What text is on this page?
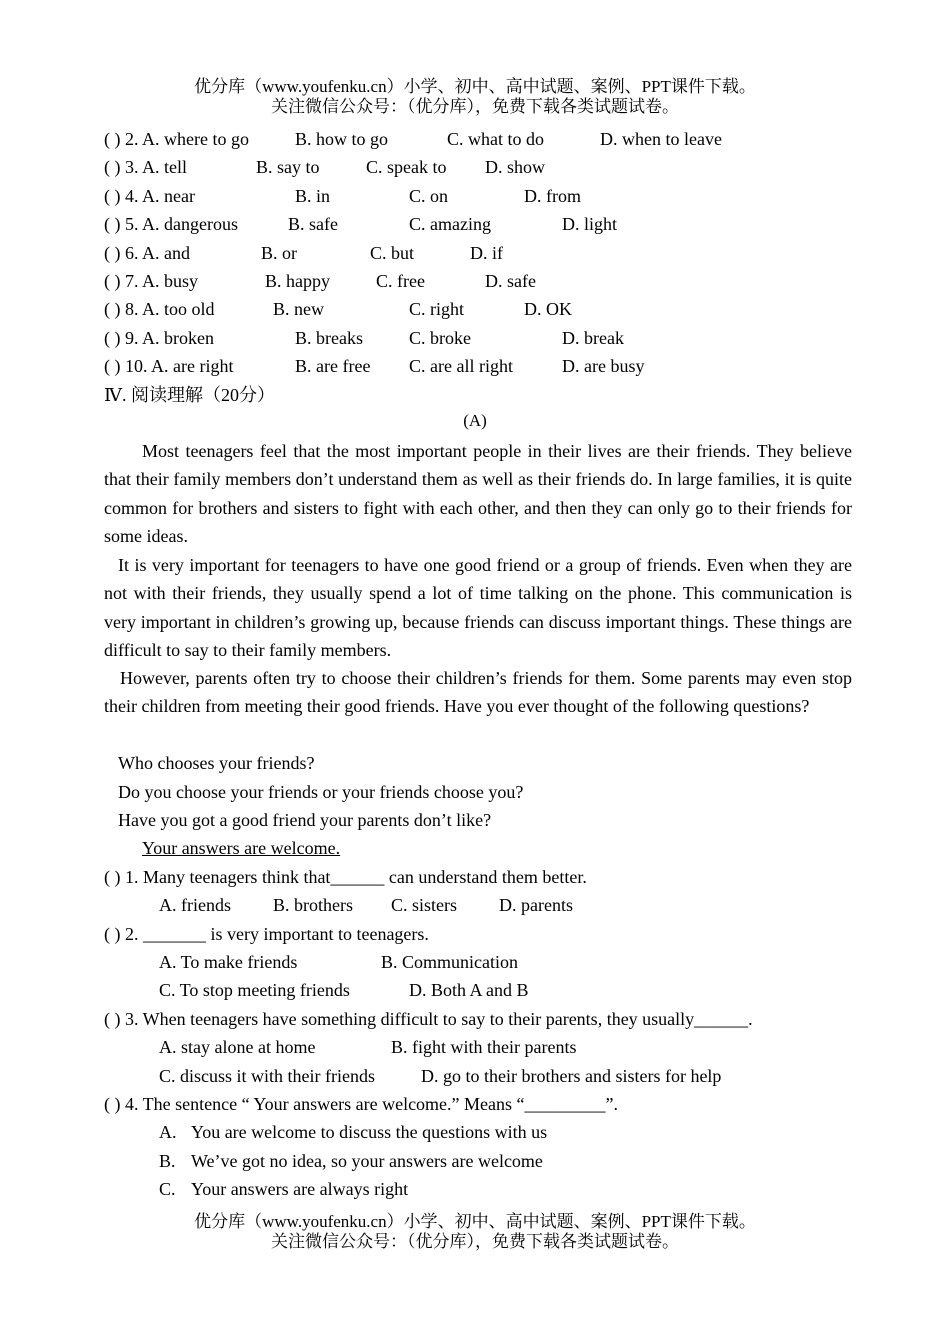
优分库（www.youfenku.cn）小学、初中、高中试题、案例、PPT课件下载。
关注微信公众号：（优分库），免费下载各类试题试卷。
( ) 2. A. where to go	B. how to go	C. what to do	D. when to leave
( ) 3. A. tell	B. say to	C. speak to D. show
( ) 4. A. near	B. in	C. on	D. from
( ) 5. A. dangerous	B. safe	C. amazing	D. light
( ) 6. A. and	B. or	C. but	D. if
( ) 7. A. busy	B. happy	C. free	D. safe
( ) 8. A. too old	B. new	C. right	D. OK
( ) 9. A. broken	B. breaks	C. broke	D. break
( ) 10. A. are right	B. are free C. are all right	D. are busy
Ⅳ. 阅读理解（20分）
(A)
Most teenagers feel that the most important people in their lives are their friends. They believe that their family members don’t understand them as well as their friends do. In large families, it is quite common for brothers and sisters to fight with each other, and then they can only go to their friends for some ideas.
It is very important for teenagers to have one good friend or a group of friends. Even when they are not with their friends, they usually spend a lot of time talking on the phone. This communication is very important in children’s growing up, because friends can discuss important things. These things are difficult to say to their family members.
However, parents often try to choose their children’s friends for them. Some parents may even stop their children from meeting their good friends. Have you ever thought of the following questions?
Who chooses your friends?
Do you choose your friends or your friends choose you?
Have you got a good friend your parents don’t like?
Your answers are welcome.
( ) 1. Many teenagers think that______ can understand them better.
A. friends B. brothers C. sisters D. parents
( ) 2. _______ is very important to teenagers.
A. To make friends	B. Communication
C. To stop meeting friends	D. Both A and B
( ) 3. When teenagers have something difficult to say to their parents, they usually______.
A. stay alone at home	B. fight with their parents
C. discuss it with their friends	D. go to their brothers and sisters for help
( ) 4. The sentence “ Your answers are welcome.” Means “_________”.
A. You are welcome to discuss the questions with us
B. We’ve got no idea, so your answers are welcome
C. Your answers are always right
优分库（www.youfenku.cn）小学、初中、高中试题、案例、PPT课件下载。
关注微信公众号：（优分库），免费下载各类试题试卷。
